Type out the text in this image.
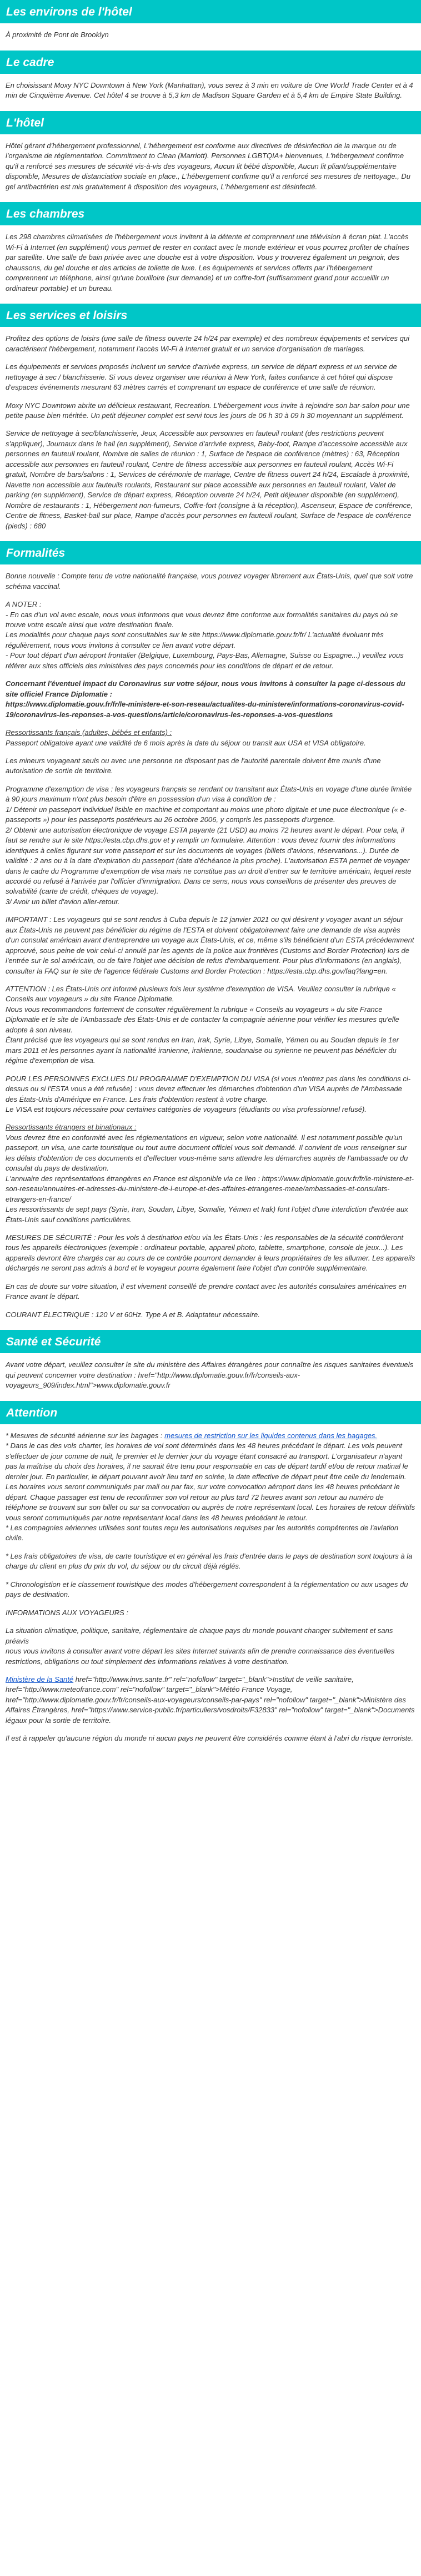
Les environs de l'hôtel

À proximité de Pont de Brooklyn

Le cadre

En choisissant Moxy NYC Downtown à New York (Manhattan), vous serez à 3 min en voiture de One World Trade Center et à 4 min de Cinquième Avenue. Cet hôtel 4 se trouve à 5,3 km de Madison Square Garden et à 5,4 km de Empire State Building.

L'hôtel

Hôtel gérant d'hébergement professionnel, L'hébergement est conforme aux directives de désinfection de la marque ou de l'organisme de réglementation. Commitment to Clean (Marriott). Personnes LGBTQIA+ bienvenues, L'hébergement confirme qu'il a renforcé ses mesures de sécurité vis-à-vis des voyageurs, Aucun lit bébé disponible, Aucun lit pliant/supplémentaire disponible, Mesures de distanciation sociale en place., L'hébergement confirme qu'il a renforcé ses mesures de nettoyage., Du gel antibactérien est mis gratuitement à disposition des voyageurs, L'hébergement est désinfecté.

Les chambres

Les 298 chambres climatisées de l'hébergement vous invitent à la détente et comprennent une télévision à écran plat. L'accès Wi-Fi à Internet (en supplément) vous permet de rester en contact avec le monde extérieur et vous pourrez profiter de chaînes par satellite. Une salle de bain privée avec une douche est à votre disposition. Vous y trouverez également un peignoir, des chaussons, du gel douche et des articles de toilette de luxe. Les équipements et services offerts par l'hébergement comprennent un téléphone, ainsi qu'une bouilloire (sur demande) et un coffre-fort (suffisamment grand pour accueillir un ordinateur portable) et un bureau.

Les services et loisirs

Profitez des options de loisirs (une salle de fitness ouverte 24 h/24 par exemple) et des nombreux équipements et services qui caractérisent l'hébergement, notamment l'accès Wi-Fi à Internet gratuit et un service d'organisation de mariages.

Les équipements et services proposés incluent un service d'arrivée express, un service de départ express et un service de nettoyage à sec / blanchisserie. Si vous devez organiser une réunion à New York, faites confiance à cet hôtel qui dispose d'espaces événements mesurant 63 mètres carrés et comprenant un espace de conférence et une salle de réunion.

Moxy NYC Downtown abrite un délicieux restaurant, Recreation. L'hébergement vous invite à rejoindre son bar-salon pour une petite pause bien méritée. Un petit déjeuner complet est servi tous les jours de 06 h 30 à 09 h 30 moyennant un supplément.

Service de nettoyage à sec/blanchisserie, Jeux, Accessible aux personnes en fauteuil roulant (des restrictions peuvent s'appliquer), Journaux dans le hall (en supplément), Service d'arrivée express, Baby-foot, Rampe d'accessoire accessible aux personnes en fauteuil roulant, Nombre de salles de réunion : 1, Surface de l'espace de conférence (mètres) : 63, Réception accessible aux personnes en fauteuil roulant, Centre de fitness accessible aux personnes en fauteuil roulant, Accès Wi-Fi gratuit, Nombre de bars/salons : 1, Services de cérémonie de mariage, Centre de fitness ouvert 24 h/24, Escalade à proximité, Navette non accessible aux fauteuils roulants, Restaurant sur place accessible aux personnes en fauteuil roulant, Valet de parking (en supplément), Service de départ express, Réception ouverte 24 h/24, Petit déjeuner disponible (en supplément), Nombre de restaurants : 1, Hébergement non-fumeurs, Coffre-fort (consigne à la réception), Ascenseur, Espace de conférence, Centre de fitness, Basket-ball sur place, Rampe d'accès pour personnes en fauteuil roulant, Surface de l'espace de conférence (pieds) : 680

Formalités

Bonne nouvelle : Compte tenu de votre nationalité française, vous pouvez voyager librement aux États-Unis, quel que soit votre schéma vaccinal.

A NOTER :
- En cas d'un vol avec escale, nous vous informons que vous devrez être conforme aux formalités sanitaires du pays où se trouve votre escale ainsi que votre destination finale.
Les modalités pour chaque pays sont consultables sur le site https://www.diplomatie.gouv.fr/fr/ L'actualité évoluant très régulièrement, nous vous invitons à consulter ce lien avant votre départ.
- Pour tout départ d'un aéroport frontalier (Belgique, Luxembourg, Pays-Bas, Allemagne, Suisse ou Espagne...) veuillez vous référer aux sites officiels des ministères des pays concernés pour les conditions de départ et de retour.

Concernant l'éventuel impact du Coronavirus sur votre séjour, nous vous invitons à consulter la page ci-dessous du site officiel France Diplomatie :
https://www.diplomatie.gouv.fr/fr/le-ministere-et-son-reseau/actualites-du-ministere/informations-coronavirus-covid-19/coronavirus-les-reponses-a-vos-questions/article/coronavirus-les-reponses-a-vos-questions

Ressortissants français (adultes, bébés et enfants) :
Passeport obligatoire ayant une validité de 6 mois après la date du séjour ou transit aux USA et VISA obligatoire.

Les mineurs voyageant seuls ou avec une personne ne disposant pas de l'autorité parentale doivent être munis d'une autorisation de sortie de territoire.

Programme d'exemption de visa : les voyageurs français se rendant ou transitant aux États-Unis en voyage d'une durée limitée à 90 jours maximum n'ont plus besoin d'être en possession d'un visa à condition de :
1/ Détenir un passeport individuel lisible en machine et comportant au moins une photo digitale et une puce électronique (« e-passeports ») pour les passeports postérieurs au 26 octobre 2006, y compris les passeports d'urgence.
2/ Obtenir une autorisation électronique de voyage ESTA payante (21 USD) au moins 72 heures avant le départ. Pour cela, il faut se rendre sur le site https://esta.cbp.dhs.gov et y remplir un formulaire. Attention : vous devez fournir des informations identiques à celles figurant sur votre passeport et sur les documents de voyages (billets d'avions, réservations...). Durée de validité : 2 ans ou à la date d'expiration du passeport (date d'échéance la plus proche). L'autorisation ESTA permet de voyager dans le cadre du Programme d'exemption de visa mais ne constitue pas un droit d'entrer sur le territoire américain, lequel reste accordé ou refusé à l'arrivée par l'officier d'immigration. Dans ce sens, nous vous conseillons de présenter des preuves de solvabilité (carte de crédit, chèques de voyage).
3/ Avoir un billet d'avion aller-retour.

IMPORTANT : Les voyageurs qui se sont rendus à Cuba depuis le 12 janvier 2021 ou qui désirent y voyager avant un séjour aux États-Unis ne peuvent pas bénéficier du régime de l'ESTA et doivent obligatoirement faire une demande de visa auprès d'un consulat américain avant d'entreprendre un voyage aux États-Unis, et ce, même s'ils bénéficient d'un ESTA précédemment approuvé, sous peine de voir celui-ci annulé par les agents de la police aux frontières (Customs and Border Protection) lors de l'entrée sur le sol américain, ou de faire l'objet une décision de refus d'embarquement. Pour plus d'informations (en anglais), consulter la FAQ sur le site de l'agence fédérale Customs and Border Protection : https://esta.cbp.dhs.gov/faq?lang=en.

ATTENTION : Les États-Unis ont informé plusieurs fois leur système d'exemption de VISA. Veuillez consulter la rubrique « Conseils aux voyageurs » du site France Diplomatie.
Nous vous recommandons fortement de consulter régulièrement la rubrique « Conseils au voyageurs » du site France Diplomatie et le site de l'Ambassade des États-Unis et de contacter la compagnie aérienne pour vérifier les mesures qu'elle adopte à son niveau.
Étant précisé que les voyageurs qui se sont rendus en Iran, Irak, Syrie, Libye, Somalie, Yémen ou au Soudan depuis le 1er mars 2011 et les personnes ayant la nationalité iranienne, irakienne, soudanaise ou syrienne ne peuvent pas bénéficier du régime d'exemption de visa.

POUR LES PERSONNES EXCLUES DU PROGRAMME D'EXEMPTION DU VISA (si vous n'entrez pas dans les conditions ci-dessus ou si l'ESTA vous a été refusée) : vous devez effectuer les démarches d'obtention d'un VISA auprès de l'Ambassade des États-Unis d'Amérique en France. Les frais d'obtention restent à votre charge.
Le VISA est toujours nécessaire pour certaines catégories de voyageurs (étudiants ou visa professionnel refusé).

Ressortissants étrangers et binationaux :
Vous devrez être en conformité avec les réglementations en vigueur, selon votre nationalité. Il est notamment possible qu'un passeport, un visa, une carte touristique ou tout autre document officiel vous soit demandé. Il convient de vous renseigner sur les délais d'obtention de ces documents et d'effectuer vous-même sans attendre les démarches auprès de l'ambassade ou du consulat du pays de destination.
L'annuaire des représentations étrangères en France est disponible via ce lien : https://www.diplomatie.gouv.fr/fr/le-ministere-et-son-reseau/annuaires-et-adresses-du-ministere-de-l-europe-et-des-affaires-etrangeres-meae/ambassades-et-consulats-etrangers-en-france/
Les ressortissants de sept pays (Syrie, Iran, Soudan, Libye, Somalie, Yémen et Irak) font l'objet d'une interdiction d'entrée aux États-Unis sauf conditions particulières.

MESURES DE SÉCURITÉ : Pour les vols à destination et/ou via les États-Unis : les responsables de la sécurité contrôleront tous les appareils électroniques (exemple : ordinateur portable, appareil photo, tablette, smartphone, console de jeux...). Les appareils devront être chargés car au cours de ce contrôle pourront demander à leurs propriétaires de les allumer. Les appareils déchargés ne seront pas admis à bord et le voyageur pourra également faire l'objet d'un contrôle supplémentaire.

En cas de doute sur votre situation, il est vivement conseillé de prendre contact avec les autorités consulaires américaines en France avant le départ.

COURANT ÉLECTRIQUE : 120 V et 60Hz. Type A et B. Adaptateur nécessaire.

Santé et Sécurité

Avant votre départ, veuillez consulter le site du ministère des Affaires étrangères pour connaître les risques sanitaires éventuels qui peuvent concerner votre destination : href="http://www.diplomatie.gouv.fr/fr/conseils-aux-voyageurs_909/index.html">www.diplomatie.gouv.fr

Attention

* Mesures de sécurité aérienne sur les bagages : mesures de restriction sur les liquides contenus dans les bagages.
* Dans le cas des vols charter, les horaires de vol sont déterminés dans les 48 heures précédant le départ. Les vols peuvent s'effectuer de jour comme de nuit, le premier et le dernier jour du voyage étant consacré au transport. L'organisateur n'ayant pas la maîtrise du choix des horaires, il ne saurait être tenu pour responsable en cas de départ tardif et/ou de retour matinal le dernier jour. En particulier, le départ pouvant avoir lieu tard en soirée, la date effective de départ peut être celle du lendemain. Les horaires vous seront communiqués par mail ou par fax, sur votre convocation aéroport dans les 48 heures précédant le départ. Chaque passager est tenu de reconfirmer son vol retour au plus tard 72 heures avant son retour au numéro de téléphone se trouvant sur son billet ou sur sa convocation ou auprès de notre représentant local. Les horaires de retour définitifs vous seront communiqués par notre représentant local dans les 48 heures précédant le retour.
* Les compagnies aériennes utilisées sont toutes reçu les autorisations requises par les autorités compétentes de l'aviation civile.

* Les frais obligatoires de visa, de carte touristique et en général les frais d'entrée dans le pays de destination sont toujours à la charge du client en plus du prix du vol, du séjour ou du circuit déjà réglés.

* Chronologistion et le classement touristique des modes d'hébergement correspondent à la réglementation ou aux usages du pays de destination.

INFORMATIONS AUX VOYAGEURS :

La situation climatique, politique, sanitaire, réglementaire de chaque pays du monde pouvant changer subitement et sans préavis
nous vous invitons à consulter avant votre départ les sites Internet suivants afin de prendre connaissance des éventuelles restrictions, obligations ou tout simplement des informations relatives à votre destination.

Ministère de la Santé href="http://www.invs.sante.fr" rel="nofollow" target="_blank">Institut de veille sanitaire, href="http://www.meteofrance.com" rel="nofollow" target="_blank">Météo France Voyage, href="http://www.diplomatie.gouv.fr/fr/conseils-aux-voyageurs/conseils-par-pays" rel="nofollow" target="_blank">Ministère des Affaires Étrangères, href="https://www.service-public.fr/particuliers/vosdroits/F32833" rel="nofollow" target="_blank">Documents légaux pour la sortie de territoire.

Il est à rappeler qu'aucune région du monde ni aucun pays ne peuvent être considérés comme étant à l'abri du risque terroriste.
